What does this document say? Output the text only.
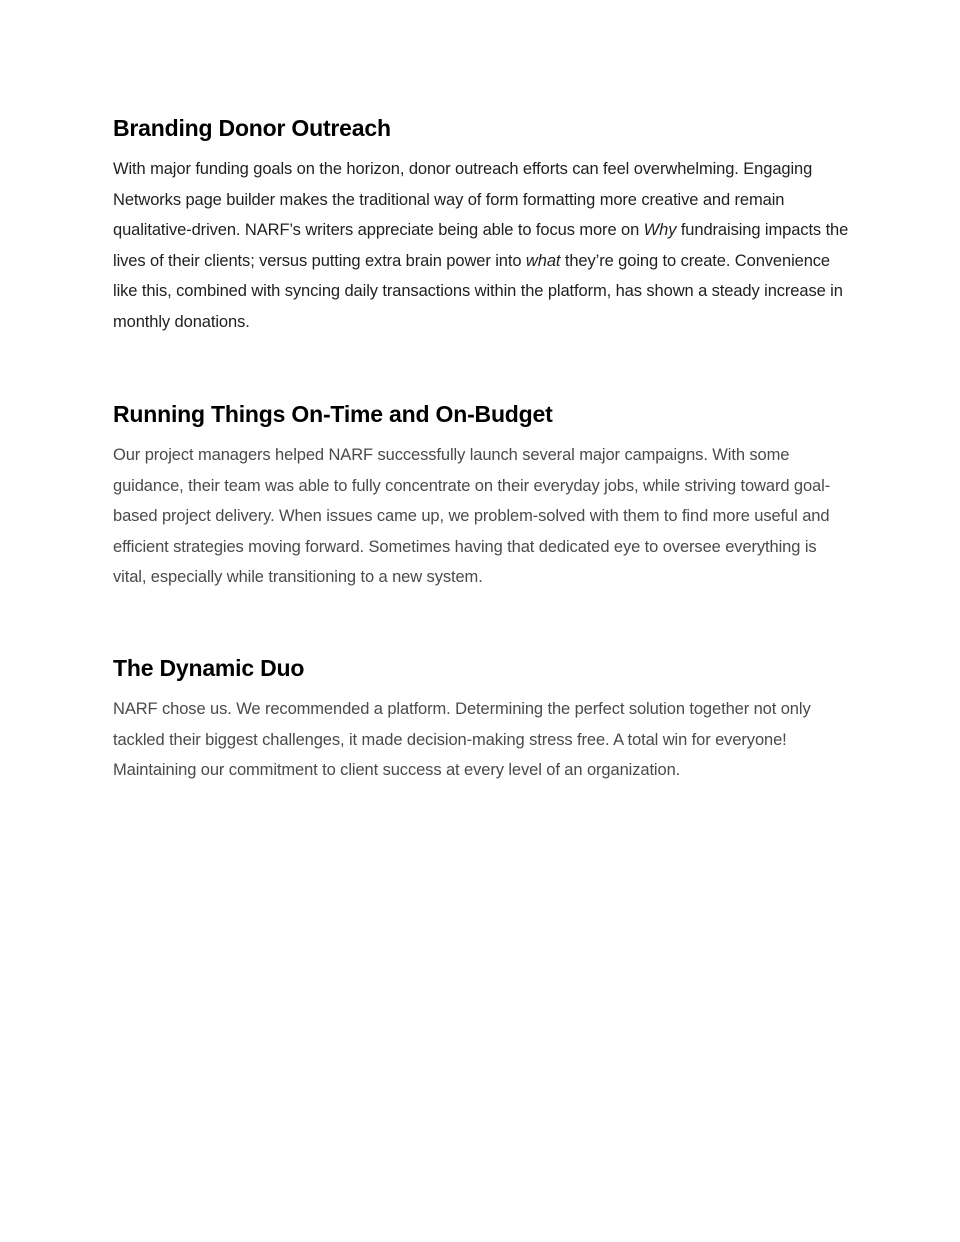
Branding Donor Outreach

With major funding goals on the horizon, donor outreach efforts can feel overwhelming. Engaging Networks page builder makes the traditional way of form formatting more creative and remain qualitative-driven. NARF’s writers appreciate being able to focus more on Why fundraising impacts the lives of their clients; versus putting extra brain power into what they’re going to create. Convenience like this, combined with syncing daily transactions within the platform, has shown a steady increase in monthly donations.

Running Things On-Time and On-Budget

Our project managers helped NARF successfully launch several major campaigns. With some guidance, their team was able to fully concentrate on their everyday jobs, while striving toward goal-based project delivery. When issues came up, we problem-solved with them to find more useful and efficient strategies moving forward. Sometimes having that dedicated eye to oversee everything is vital, especially while transitioning to a new system.

The Dynamic Duo

NARF chose us. We recommended a platform. Determining the perfect solution together not only tackled their biggest challenges, it made decision-making stress free. A total win for everyone! Maintaining our commitment to client success at every level of an organization.
